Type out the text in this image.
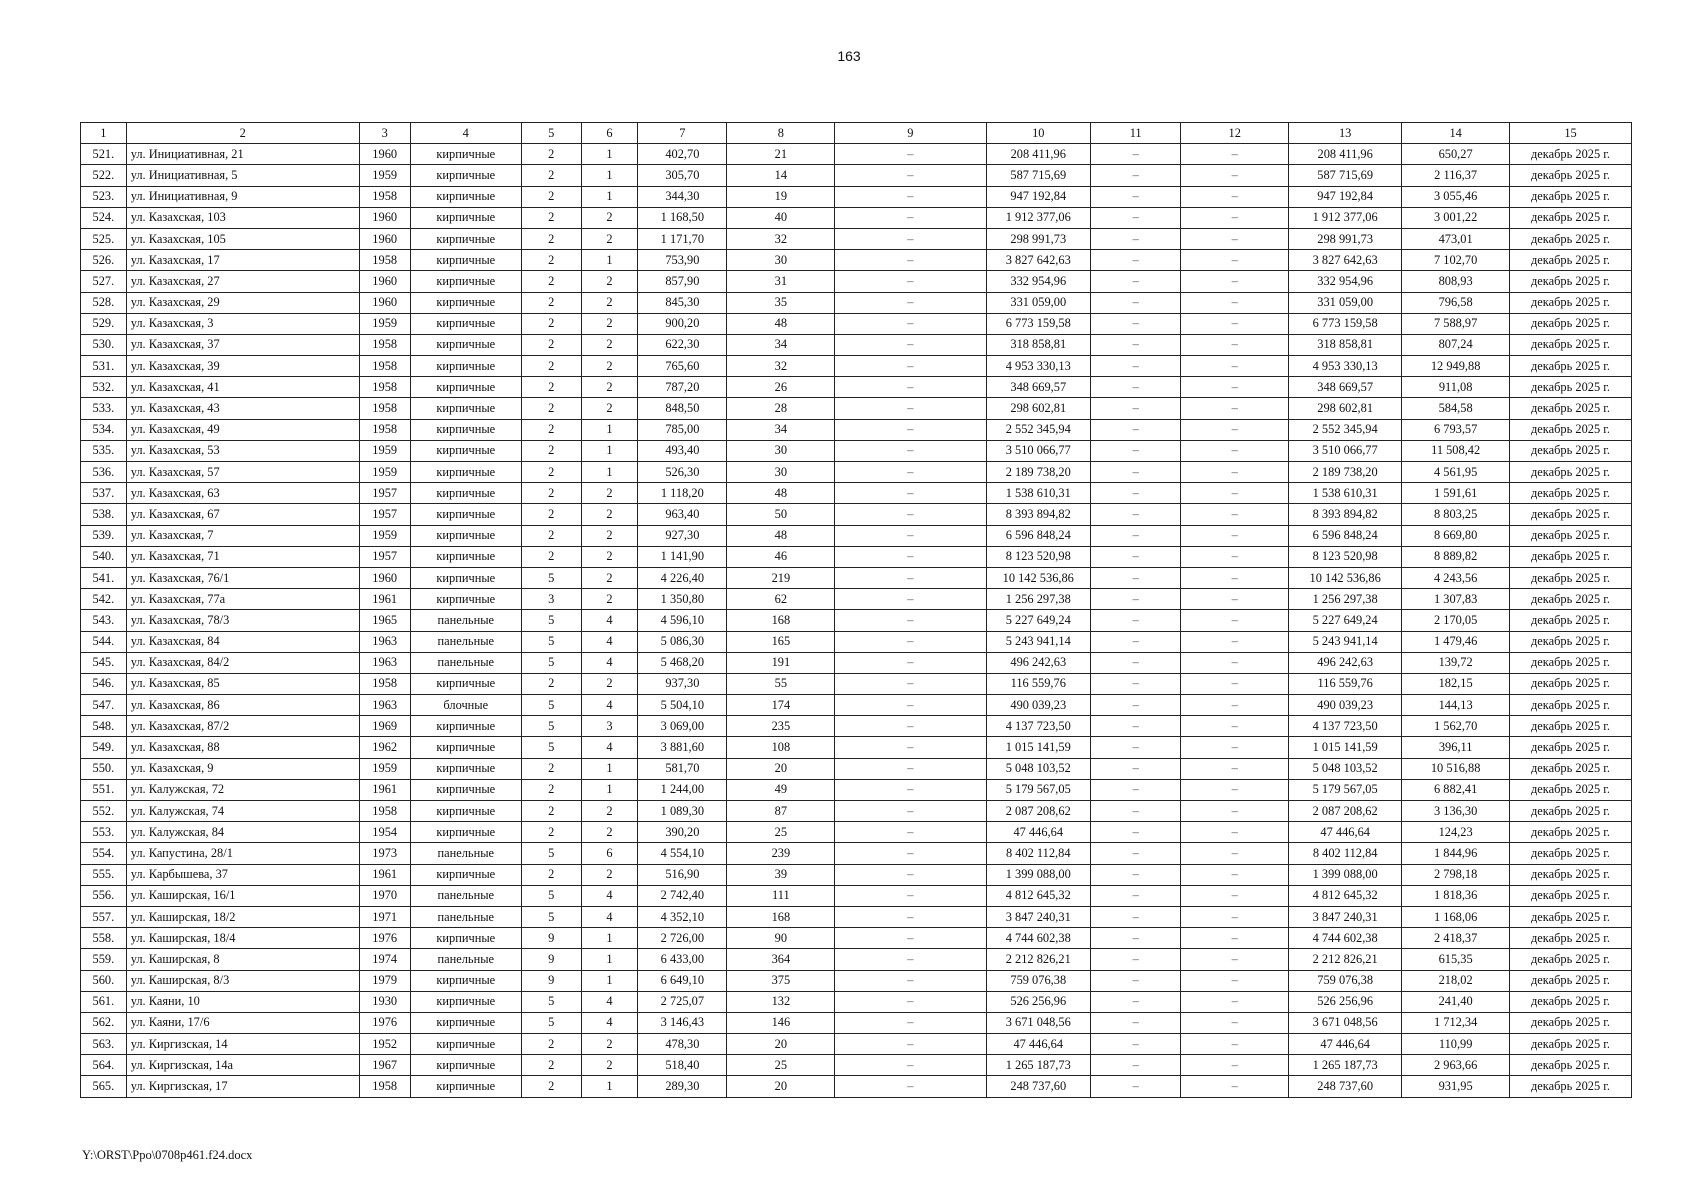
163
1	2	3	4	5	6	7	8	9	10	11	12	13	14	15
521.	ул. Инициативная, 21	1960	кирпичные	2	1	402,70	21	–	208 411,96	–	–	208 411,96	650,27	декабрь 2025 г.
522.	ул. Инициативная, 5	1959	кирпичные	2	1	305,70	14	–	587 715,69	–	–	587 715,69	2 116,37	декабрь 2025 г.
523.	ул. Инициативная, 9	1958	кирпичные	2	1	344,30	19	–	947 192,84	–	–	947 192,84	3 055,46	декабрь 2025 г.
524.	ул. Казахская, 103	1960	кирпичные	2	2	1 168,50	40	–	1 912 377,06	–	–	1 912 377,06	3 001,22	декабрь 2025 г.
525.	ул. Казахская, 105	1960	кирпичные	2	2	1 171,70	32	–	298 991,73	–	–	298 991,73	473,01	декабрь 2025 г.
526.	ул. Казахская, 17	1958	кирпичные	2	1	753,90	30	–	3 827 642,63	–	–	3 827 642,63	7 102,70	декабрь 2025 г.
527.	ул. Казахская, 27	1960	кирпичные	2	2	857,90	31	–	332 954,96	–	–	332 954,96	808,93	декабрь 2025 г.
528.	ул. Казахская, 29	1960	кирпичные	2	2	845,30	35	–	331 059,00	–	–	331 059,00	796,58	декабрь 2025 г.
529.	ул. Казахская, 3	1959	кирпичные	2	2	900,20	48	–	6 773 159,58	–	–	6 773 159,58	7 588,97	декабрь 2025 г.
530.	ул. Казахская, 37	1958	кирпичные	2	2	622,30	34	–	318 858,81	–	–	318 858,81	807,24	декабрь 2025 г.
531.	ул. Казахская, 39	1958	кирпичные	2	2	765,60	32	–	4 953 330,13	–	–	4 953 330,13	12 949,88	декабрь 2025 г.
532.	ул. Казахская, 41	1958	кирпичные	2	2	787,20	26	–	348 669,57	–	–	348 669,57	911,08	декабрь 2025 г.
533.	ул. Казахская, 43	1958	кирпичные	2	2	848,50	28	–	298 602,81	–	–	298 602,81	584,58	декабрь 2025 г.
534.	ул. Казахская, 49	1958	кирпичные	2	1	785,00	34	–	2 552 345,94	–	–	2 552 345,94	6 793,57	декабрь 2025 г.
535.	ул. Казахская, 53	1959	кирпичные	2	1	493,40	30	–	3 510 066,77	–	–	3 510 066,77	11 508,42	декабрь 2025 г.
536.	ул. Казахская, 57	1959	кирпичные	2	1	526,30	30	–	2 189 738,20	–	–	2 189 738,20	4 561,95	декабрь 2025 г.
537.	ул. Казахская, 63	1957	кирпичные	2	2	1 118,20	48	–	1 538 610,31	–	–	1 538 610,31	1 591,61	декабрь 2025 г.
538.	ул. Казахская, 67	1957	кирпичные	2	2	963,40	50	–	8 393 894,82	–	–	8 393 894,82	8 803,25	декабрь 2025 г.
539.	ул. Казахская, 7	1959	кирпичные	2	2	927,30	48	–	6 596 848,24	–	–	6 596 848,24	8 669,80	декабрь 2025 г.
540.	ул. Казахская, 71	1957	кирпичные	2	2	1 141,90	46	–	8 123 520,98	–	–	8 123 520,98	8 889,82	декабрь 2025 г.
541.	ул. Казахская, 76/1	1960	кирпичные	5	2	4 226,40	219	–	10 142 536,86	–	–	10 142 536,86	4 243,56	декабрь 2025 г.
542.	ул. Казахская, 77а	1961	кирпичные	3	2	1 350,80	62	–	1 256 297,38	–	–	1 256 297,38	1 307,83	декабрь 2025 г.
543.	ул. Казахская, 78/3	1965	панельные	5	4	4 596,10	168	–	5 227 649,24	–	–	5 227 649,24	2 170,05	декабрь 2025 г.
544.	ул. Казахская, 84	1963	панельные	5	4	5 086,30	165	–	5 243 941,14	–	–	5 243 941,14	1 479,46	декабрь 2025 г.
545.	ул. Казахская, 84/2	1963	панельные	5	4	5 468,20	191	–	496 242,63	–	–	496 242,63	139,72	декабрь 2025 г.
546.	ул. Казахская, 85	1958	кирпичные	2	2	937,30	55	–	116 559,76	–	–	116 559,76	182,15	декабрь 2025 г.
547.	ул. Казахская, 86	1963	блочные	5	4	5 504,10	174	–	490 039,23	–	–	490 039,23	144,13	декабрь 2025 г.
548.	ул. Казахская, 87/2	1969	кирпичные	5	3	3 069,00	235	–	4 137 723,50	–	–	4 137 723,50	1 562,70	декабрь 2025 г.
549.	ул. Казахская, 88	1962	кирпичные	5	4	3 881,60	108	–	1 015 141,59	–	–	1 015 141,59	396,11	декабрь 2025 г.
550.	ул. Казахская, 9	1959	кирпичные	2	1	581,70	20	–	5 048 103,52	–	–	5 048 103,52	10 516,88	декабрь 2025 г.
551.	ул. Калужская, 72	1961	кирпичные	2	1	1 244,00	49	–	5 179 567,05	–	–	5 179 567,05	6 882,41	декабрь 2025 г.
552.	ул. Калужская, 74	1958	кирпичные	2	2	1 089,30	87	–	2 087 208,62	–	–	2 087 208,62	3 136,30	декабрь 2025 г.
553.	ул. Калужская, 84	1954	кирпичные	2	2	390,20	25	–	47 446,64	–	–	47 446,64	124,23	декабрь 2025 г.
554.	ул. Капустина, 28/1	1973	панельные	5	6	4 554,10	239	–	8 402 112,84	–	–	8 402 112,84	1 844,96	декабрь 2025 г.
555.	ул. Карбышева, 37	1961	кирпичные	2	2	516,90	39	–	1 399 088,00	–	–	1 399 088,00	2 798,18	декабрь 2025 г.
556.	ул. Каширская, 16/1	1970	панельные	5	4	2 742,40	111	–	4 812 645,32	–	–	4 812 645,32	1 818,36	декабрь 2025 г.
557.	ул. Каширская, 18/2	1971	панельные	5	4	4 352,10	168	–	3 847 240,31	–	–	3 847 240,31	1 168,06	декабрь 2025 г.
558.	ул. Каширская, 18/4	1976	кирпичные	9	1	2 726,00	90	–	4 744 602,38	–	–	4 744 602,38	2 418,37	декабрь 2025 г.
559.	ул. Каширская, 8	1974	панельные	9	1	6 433,00	364	–	2 212 826,21	–	–	2 212 826,21	615,35	декабрь 2025 г.
560.	ул. Каширская, 8/3	1979	кирпичные	9	1	6 649,10	375	–	759 076,38	–	–	759 076,38	218,02	декабрь 2025 г.
561.	ул. Каяни, 10	1930	кирпичные	5	4	2 725,07	132	–	526 256,96	–	–	526 256,96	241,40	декабрь 2025 г.
562.	ул. Каяни, 17/6	1976	кирпичные	5	4	3 146,43	146	–	3 671 048,56	–	–	3 671 048,56	1 712,34	декабрь 2025 г.
563.	ул. Киргизская, 14	1952	кирпичные	2	2	478,30	20	–	47 446,64	–	–	47 446,64	110,99	декабрь 2025 г.
564.	ул. Киргизская, 14а	1967	кирпичные	2	2	518,40	25	–	1 265 187,73	–	–	1 265 187,73	2 963,66	декабрь 2025 г.
565.	ул. Киргизская, 17	1958	кирпичные	2	1	289,30	20	–	248 737,60	–	–	248 737,60	931,95	декабрь 2025 г.
Y:\ORST\Ppo\0708p461.f24.docx
